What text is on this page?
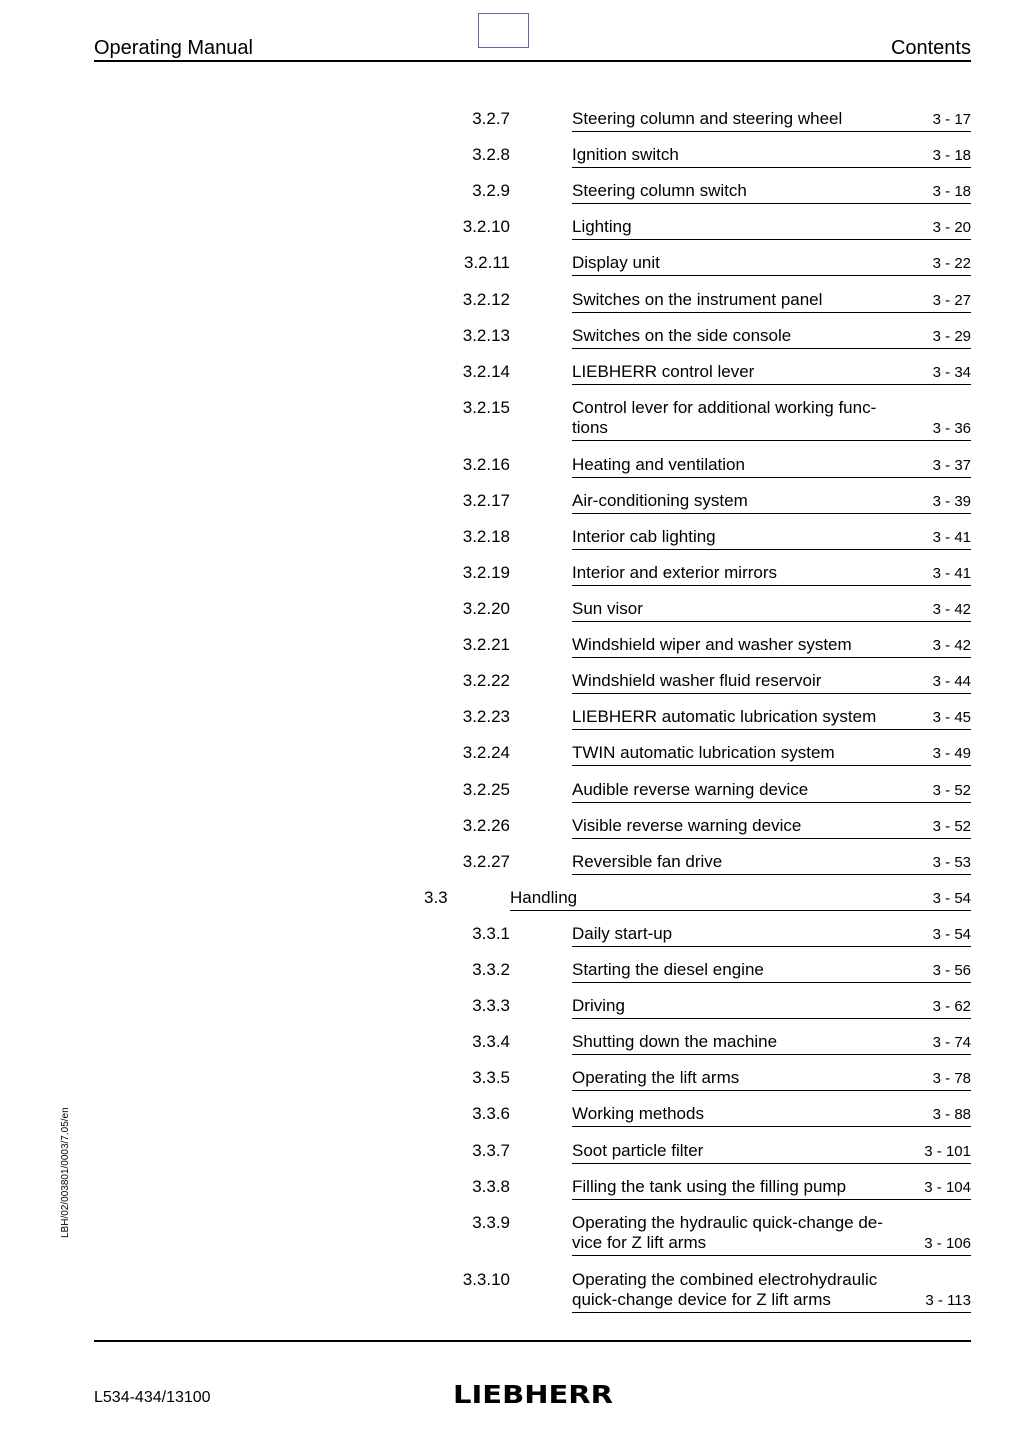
Operating Manual	Contents
3.2.7	Steering column and steering wheel	3 - 17
3.2.8	Ignition switch	3 - 18
3.2.9	Steering column switch	3 - 18
3.2.10	Lighting	3 - 20
3.2.11	Display unit	3 - 22
3.2.12	Switches on the instrument panel	3 - 27
3.2.13	Switches on the side console	3 - 29
3.2.14	LIEBHERR control lever	3 - 34
3.2.15	Control lever for additional working func-
tions	3 - 36
3.2.16	Heating and ventilation	3 - 37
3.2.17	Air-conditioning system	3 - 39
3.2.18	Interior cab lighting	3 - 41
3.2.19	Interior and exterior mirrors	3 - 41
3.2.20	Sun visor	3 - 42
3.2.21	Windshield wiper and washer system	3 - 42
3.2.22	Windshield washer fluid reservoir	3 - 44
3.2.23	LIEBHERR automatic lubrication system	3 - 45
3.2.24	TWIN automatic lubrication system	3 - 49
3.2.25	Audible reverse warning device	3 - 52
3.2.26	Visible reverse warning device	3 - 52
3.2.27	Reversible fan drive	3 - 53
3.3	Handling	3 - 54
3.3.1	Daily start-up	3 - 54
3.3.2	Starting the diesel engine	3 - 56
3.3.3	Driving	3 - 62
3.3.4	Shutting down the machine	3 - 74
3.3.5	Operating the lift arms	3 - 78
3.3.6	Working methods	3 - 88
3.3.7	Soot particle filter	3 - 101
3.3.8	Filling the tank using the filling pump	3 - 104
3.3.9	Operating the hydraulic quick-change de-
vice for Z lift arms	3 - 106
3.3.10	Operating the combined electrohydraulic
quick-change device for Z lift arms	3 - 113
LBH/02/003801/0003/7.05/en
L534-434/13100	LIEBHERR
